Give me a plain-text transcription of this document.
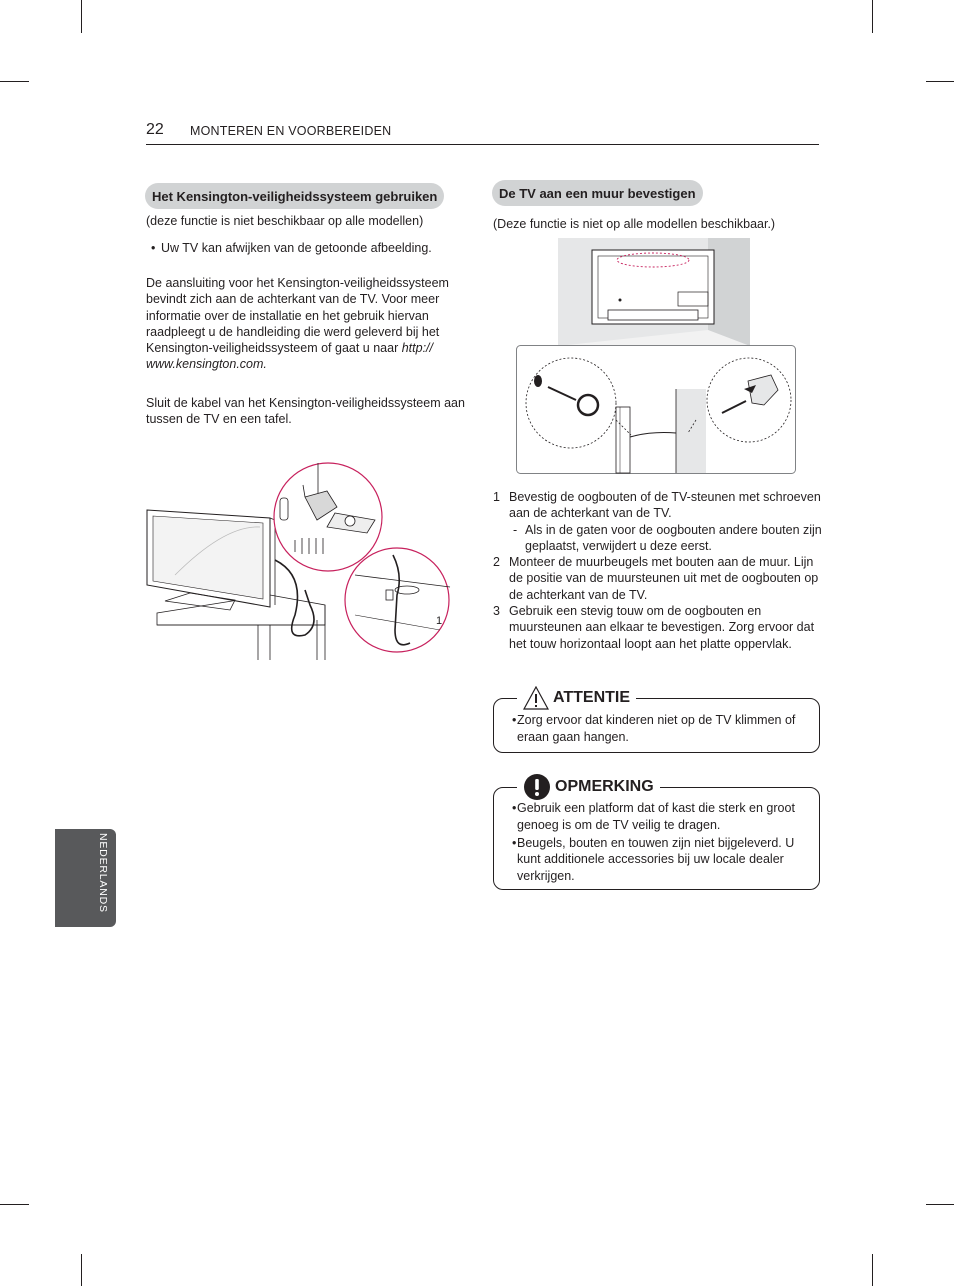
22 MONTEREN EN VOORBEREIDEN
NEDERLANDS
Het Kensington-veiligheidssysteem gebruiken
(deze functie is niet beschikbaar op alle modellen)
• Uw TV kan afwijken van de getoonde afbeelding.
De aansluiting voor het Kensington-veiligheidssysteem bevindt zich aan de achterkant van de TV. Voor meer informatie over de installatie en het gebruik hiervan raadpleegt u de handleiding die werd geleverd bij het Kensington-veiligheidssysteem of gaat u naar http:// www.kensington.com.
Sluit de kabel van het Kensington-veiligheidssysteem aan tussen de TV en een tafel.
1
De TV aan een muur bevestigen
(Deze functie is niet op alle modellen beschikbaar.)
1 Bevestig de oogbouten of de TV-steunen met schroeven aan de achterkant van de TV.
- Als in de gaten voor de oogbouten andere bouten zijn geplaatst, verwijdert u deze eerst.
2 Monteer de muurbeugels met bouten aan de muur. Lijn de positie van de muursteunen uit met de oogbouten op de achterkant van de TV.
3 Gebruik een stevig touw om de oogbouten en muursteunen aan elkaar te bevestigen. Zorg ervoor dat het touw horizontaal loopt aan het platte oppervlak.
ATTENTIE
• Zorg ervoor dat kinderen niet op de TV klimmen of eraan gaan hangen.
OPMERKING
• Gebruik een platform dat of kast die sterk en groot genoeg is om de TV veilig te dragen.
• Beugels, bouten en touwen zijn niet bijgeleverd. U kunt additionele accessories bij uw locale dealer verkrijgen.
